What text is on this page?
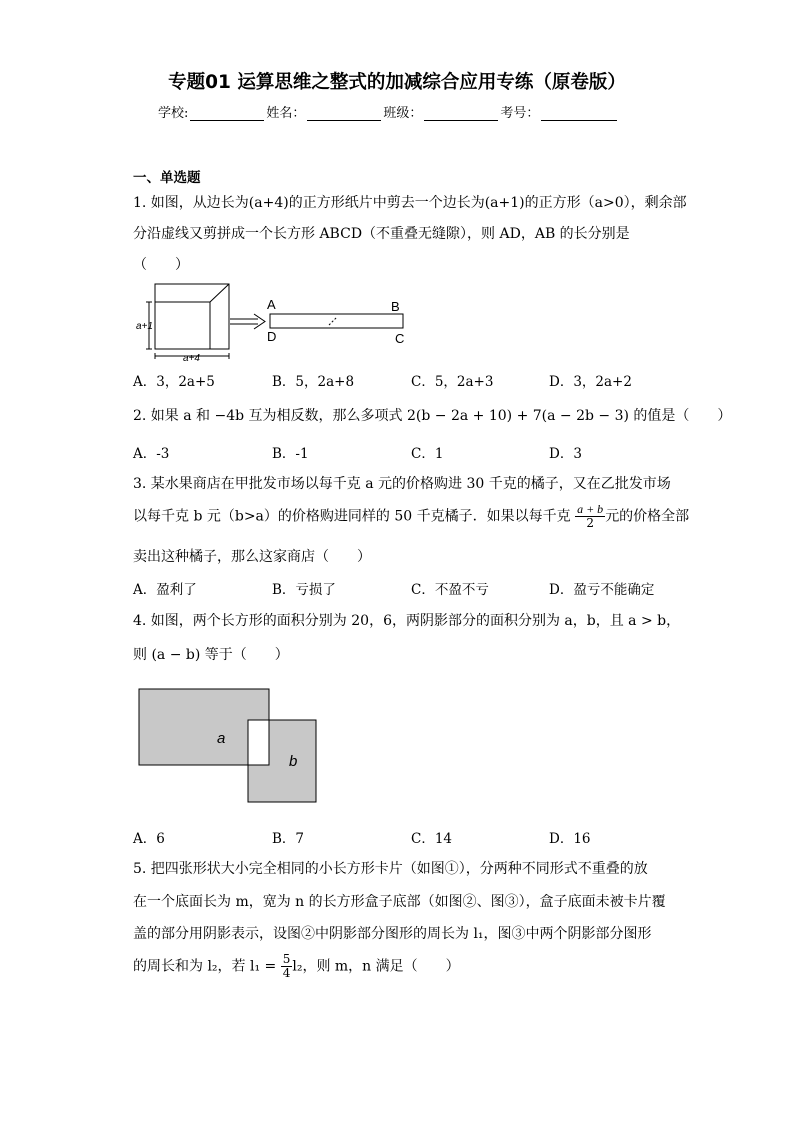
专题01 运算思维之整式的加减综合应用专练（原卷版）
学校:	姓名：	班级：	考号：
一、单选题
1. 如图，从边长为(a+4)的正方形纸片中剪去一个边长为(a+1)的正方形（a>0），剩余部
分沿虚线又剪拼成一个长方形 ABCD（不重叠无缝隙），则 AD，AB 的长分别是
（　　）
a+1
a+4
A	B
D	C
A．3，2a+5	B．5，2a+8	C．5，2a+3	D．3，2a+2
2. 如果 a 和 −4b 互为相反数，那么多项式 2(b − 2a + 10) + 7(a − 2b − 3) 的值是（　　）
A．-3	B．-1	C．1	D．3
3. 某水果商店在甲批发市场以每千克 a 元的价格购进 30 千克的橘子，又在乙批发市场
以每千克 b 元（b>a）的价格购进同样的 50 千克橘子．如果以每千克 $\frac{a + b}{2}$ 元的价格全部
卖出这种橘子，那么这家商店（　　）
A．盈利了	B．亏损了	C．不盈不亏	D．盈亏不能确定
4. 如图，两个长方形的面积分别为 20，6，两阴影部分的面积分别为 a，b，且 a > b，
则 (a − b) 等于（　　）
a
b
A．6	B．7	C．14	D．16
5. 把四张形状大小完全相同的小长方形卡片（如图①），分两种不同形式不重叠的放
在一个底面长为 m，宽为 n 的长方形盒子底部（如图②、图③），盒子底面未被卡片覆
盖的部分用阴影表示，设图②中阴影部分图形的周长为 l₁，图③中两个阴影部分图形
的周长和为 l₂，若 $l_1 = \frac{5}{4} l_2$，则 m，n 满足（　　）
